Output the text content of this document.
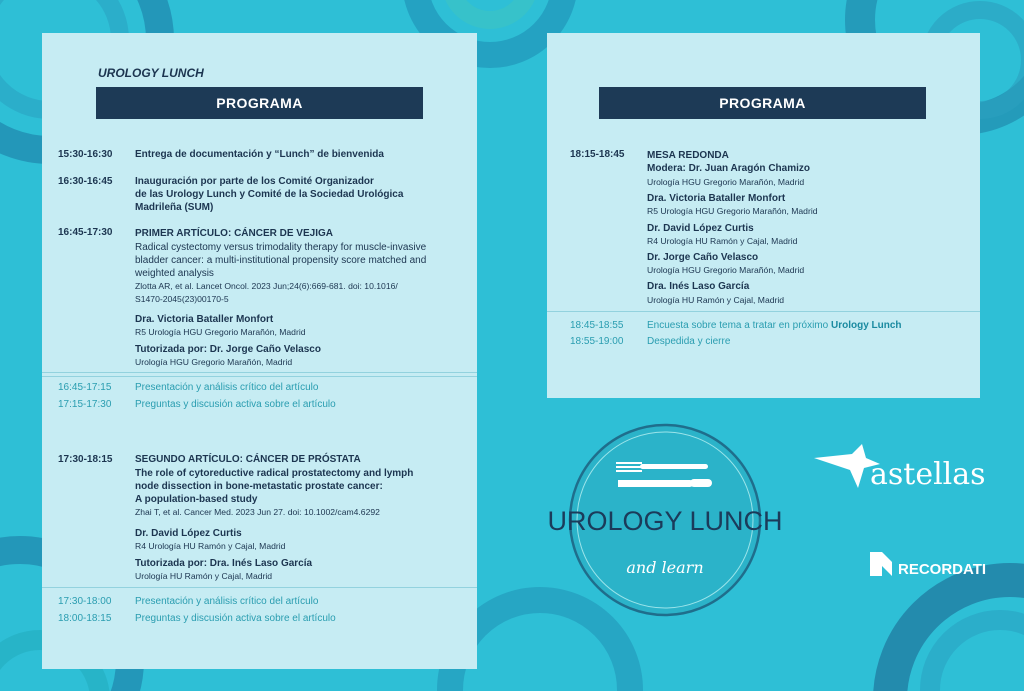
UROLOGY LUNCH
PROGRAMA
15:30-16:30 Entrega de documentación y “Lunch” de bienvenida
16:30-16:45 Inauguración por parte de los Comité Organizador
de las Urology Lunch y Comité de la Sociedad Urológica
Madrileña (SUM)
16:45-17:30 PRIMER ARTÍCULO: CÁNCER DE VEJIGA
Radical cystectomy versus trimodality therapy for muscle-invasive
bladder cancer: a multi-institutional propensity score matched and
weighted analysis
Zlotta AR, et al. Lancet Oncol. 2023 Jun;24(6):669-681. doi: 10.1016/
S1470-2045(23)00170-5
Dra. Victoria Bataller Monfort
R5 Urología HGU Gregorio Marañón, Madrid
Tutorizada por: Dr. Jorge Caño Velasco
Urología HGU Gregorio Marañón, Madrid
16:45-17:15 Presentación y análisis crítico del artículo
17:15-17:30 Preguntas y discusión activa sobre el artículo
17:30-18:15 SEGUNDO ARTÍCULO: CÁNCER DE PRÓSTATA
The role of cytoreductive radical prostatectomy and lymph
node dissection in bone-metastatic prostate cancer:
A population-based study
Zhai T, et al. Cancer Med. 2023 Jun 27. doi: 10.1002/cam4.6292
Dr. David López Curtis
R4 Urología HU Ramón y Cajal, Madrid
Tutorizada por: Dra. Inés Laso García
Urología HU Ramón y Cajal, Madrid
17:30-18:00 Presentación y análisis crítico del artículo
18:00-18:15 Preguntas y discusión activa sobre el artículo
PROGRAMA
18:15-18:45 MESA REDONDA
Modera: Dr. Juan Aragón Chamizo
Urología HGU Gregorio Marañón, Madrid
Dra. Victoria Bataller Monfort
R5 Urología HGU Gregorio Marañón, Madrid
Dr. David López Curtis
R4 Urología HU Ramón y Cajal, Madrid
Dr. Jorge Caño Velasco
Urología HGU Gregorio Marañón, Madrid
Dra. Inés Laso García
Urología HU Ramón y Cajal, Madrid
18:45-18:55 Encuesta sobre tema a tratar en próximo Urology Lunch
18:55-19:00 Despedida y cierre
UROLOGY LUNCH
and learn
astellas
RECORDATI
